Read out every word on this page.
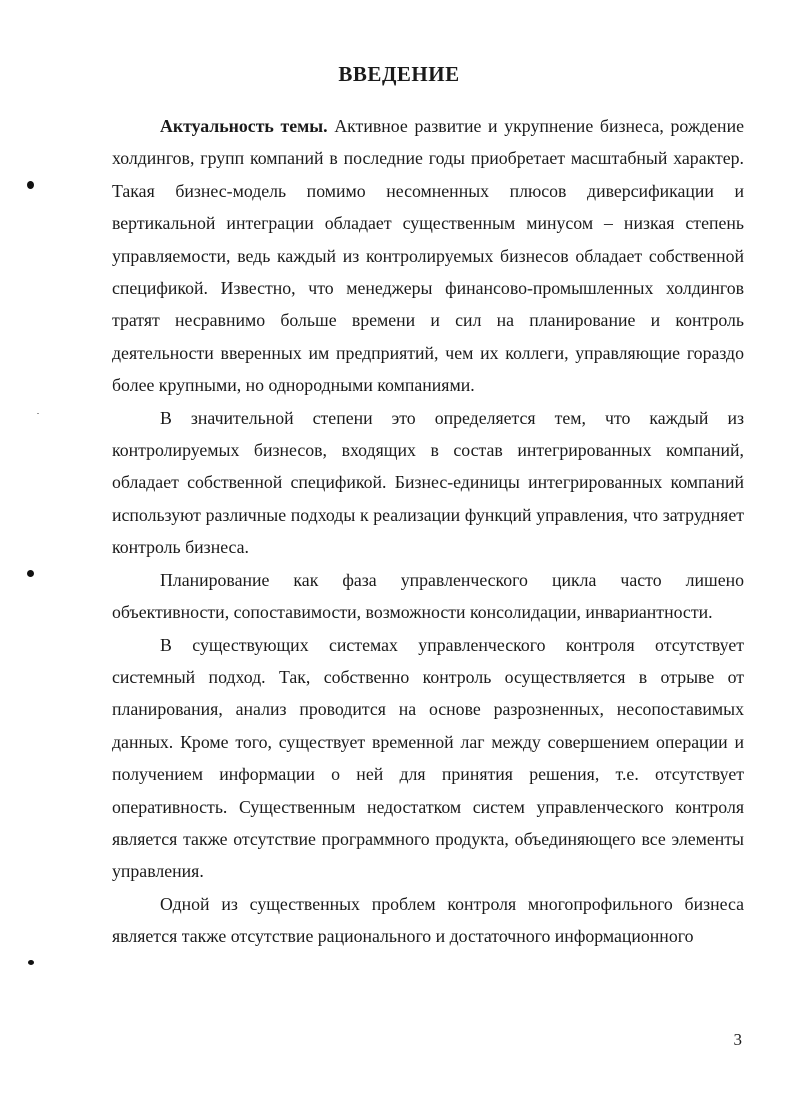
ВВЕДЕНИЕ

Актуальность темы. Активное развитие и укрупнение бизнеса, рождение холдингов, групп компаний в последние годы приобретает масштабный характер. Такая бизнес-модель помимо несомненных плюсов диверсификации и вертикальной интеграции обладает существенным минусом – низкая степень управляемости, ведь каждый из контролируемых бизнесов обладает собственной спецификой. Известно, что менеджеры финансово-промышленных холдингов тратят несравнимо больше времени и сил на планирование и контроль деятельности вверенных им предприятий, чем их коллеги, управляющие гораздо более крупными, но однородными компаниями.

В значительной степени это определяется тем, что каждый из контролируемых бизнесов, входящих в состав интегрированных компаний, обладает собственной спецификой. Бизнес-единицы интегрированных компаний используют различные подходы к реализации функций управления, что затрудняет контроль бизнеса.

Планирование как фаза управленческого цикла часто лишено объективности, сопоставимости, возможности консолидации, инвариантности.

В существующих системах управленческого контроля отсутствует системный подход. Так, собственно контроль осуществляется в отрыве от планирования, анализ проводится на основе разрозненных, несопоставимых данных. Кроме того, существует временной лаг между совершением операции и получением информации о ней для принятия решения, т.е. отсутствует оперативность. Существенным недостатком систем управленческого контроля является также отсутствие программного продукта, объединяющего все элементы управления.

Одной из существенных проблем контроля многопрофильного бизнеса является также отсутствие рационального и достаточного информационного

3
